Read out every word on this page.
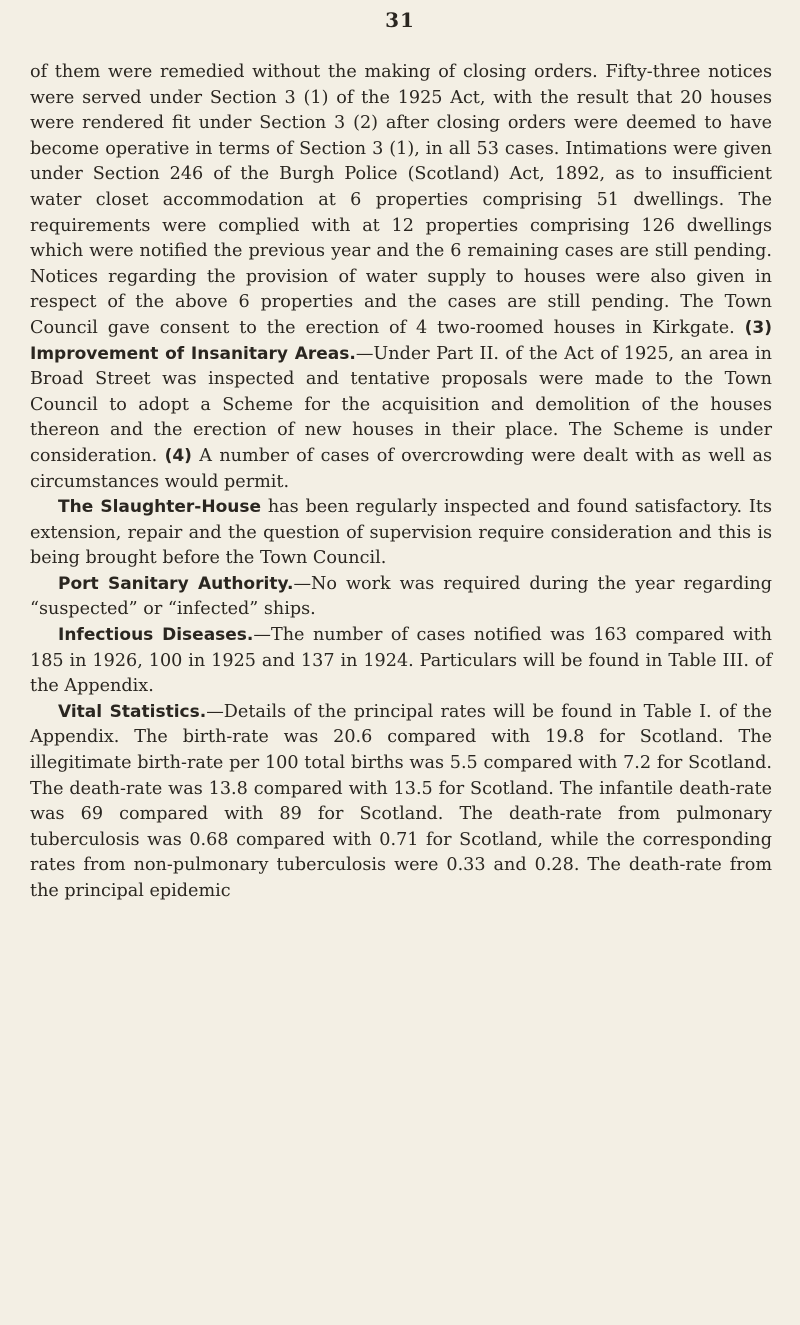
31

of them were remedied without the making of closing orders. Fifty-three notices were served under Section 3 (1) of the 1925 Act, with the result that 20 houses were rendered fit under Section 3 (2) after closing orders were deemed to have become operative in terms of Section 3 (1), in all 53 cases. Intimations were given under Section 246 of the Burgh Police (Scotland) Act, 1892, as to insufficient water closet accommodation at 6 properties comprising 51 dwellings. The requirements were complied with at 12 properties comprising 126 dwellings which were notified the previous year and the 6 remaining cases are still pending. Notices regarding the provision of water supply to houses were also given in respect of the above 6 properties and the cases are still pending. The Town Council gave consent to the erection of 4 two-roomed houses in Kirkgate. (3) Improvement of Insanitary Areas.—Under Part II. of the Act of 1925, an area in Broad Street was inspected and tentative proposals were made to the Town Council to adopt a Scheme for the acquisition and demolition of the houses thereon and the erection of new houses in their place. The Scheme is under consideration. (4) A number of cases of overcrowding were dealt with as well as circumstances would permit.

The Slaughter-House has been regularly inspected and found satisfactory. Its extension, repair and the question of supervision require consideration and this is being brought before the Town Council.

Port Sanitary Authority.—No work was required during the year regarding “suspected” or “infected” ships.

Infectious Diseases.—The number of cases notified was 163 compared with 185 in 1926, 100 in 1925 and 137 in 1924. Particulars will be found in Table III. of the Appendix.

Vital Statistics.—Details of the principal rates will be found in Table I. of the Appendix. The birth-rate was 20.6 compared with 19.8 for Scotland. The illegitimate birth-rate per 100 total births was 5.5 compared with 7.2 for Scotland. The death-rate was 13.8 compared with 13.5 for Scotland. The infantile death-rate was 69 compared with 89 for Scotland. The death-rate from pulmonary tuberculosis was 0.68 compared with 0.71 for Scotland, while the corresponding rates from non-pulmonary tuberculosis were 0.33 and 0.28. The death-rate from the principal epidemic
